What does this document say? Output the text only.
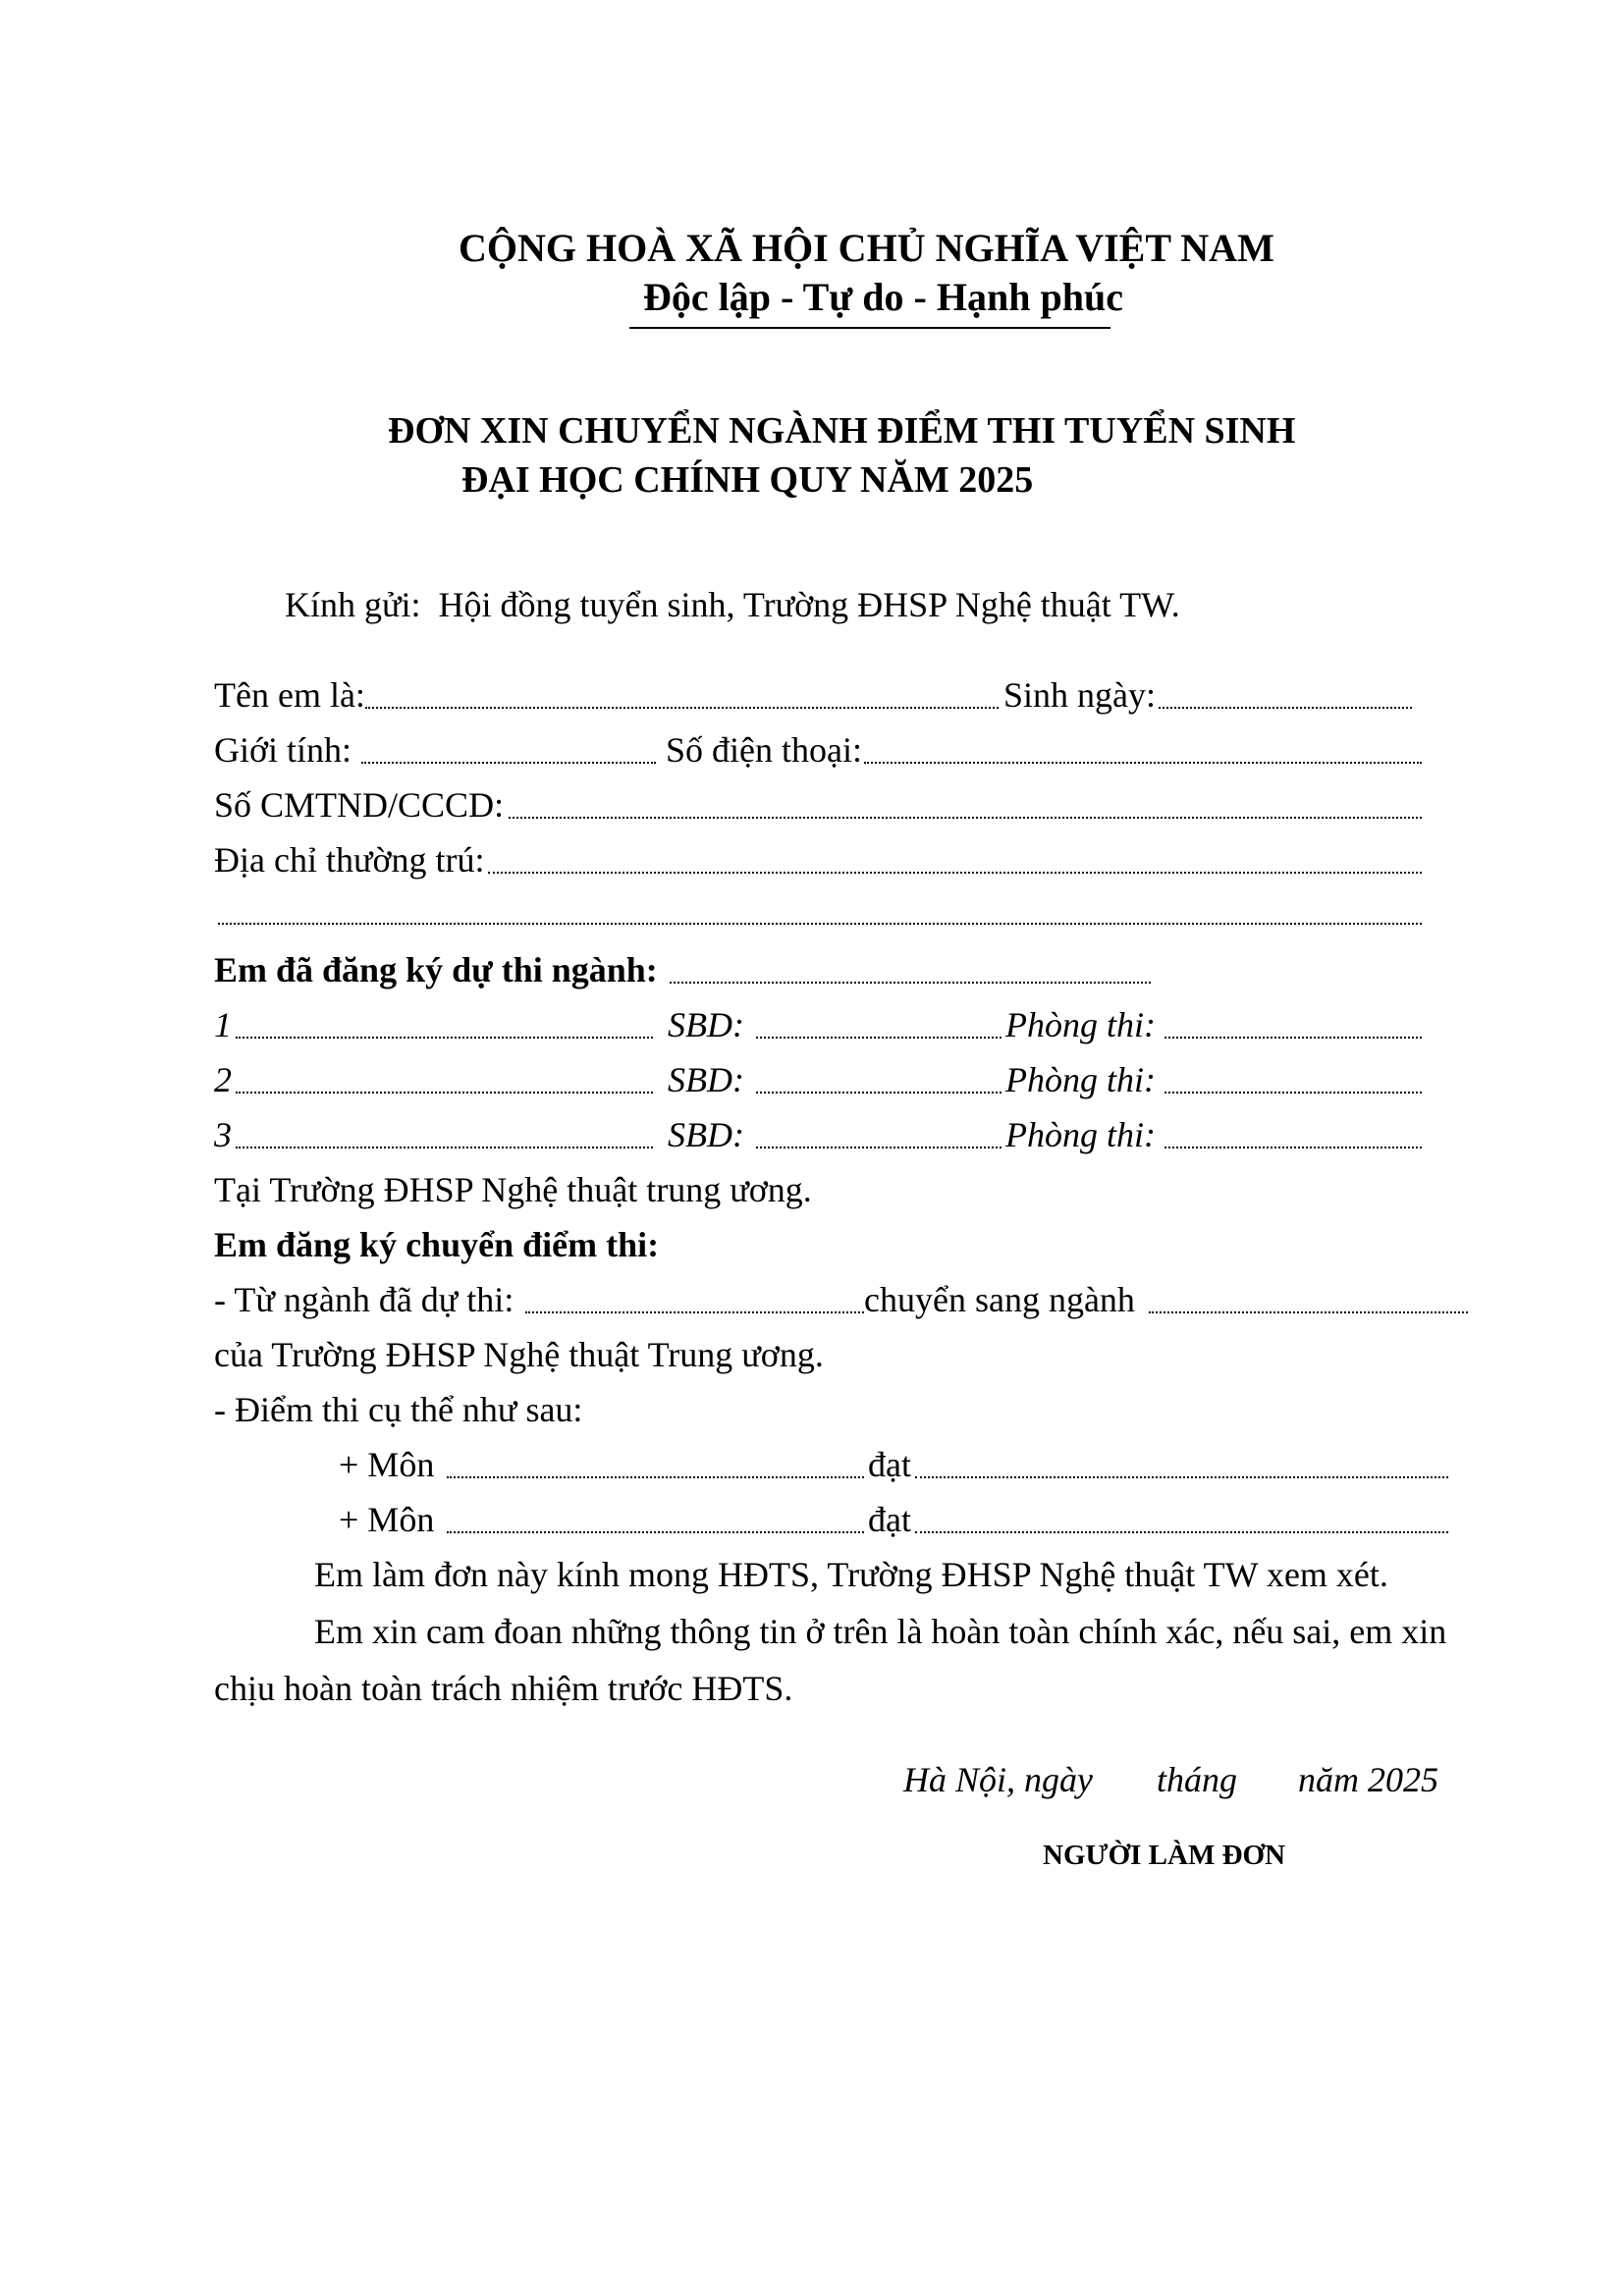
CỘNG HOÀ XÃ HỘI CHỦ NGHĨA VIỆT NAM
Độc lập - Tự do - Hạnh phúc
ĐƠN XIN CHUYỂN NGÀNH ĐIỂM THI TUYỂN SINH
ĐẠI HỌC CHÍNH QUY NĂM 2025
Kính gửi: Hội đồng tuyển sinh, Trường ĐHSP Nghệ thuật TW.
Tên em là:	Sinh ngày:
Giới tính:	Số điện thoại:
Số CMTND/CCCD:
Địa chỉ thường trú:
Em đã đăng ký dự thi ngành:
1	SBD:	Phòng thi:
2	SBD:	Phòng thi:
3	SBD:	Phòng thi:
Tại Trường ĐHSP Nghệ thuật trung ương.
Em đăng ký chuyển điểm thi:
- Từ ngành đã dự thi:	chuyển sang ngành
của Trường ĐHSP Nghệ thuật Trung ương.
- Điểm thi cụ thể như sau:
+ Môn	đạt
+ Môn	đạt
Em làm đơn này kính mong HĐTS, Trường ĐHSP Nghệ thuật TW xem xét.
Em xin cam đoan những thông tin ở trên là hoàn toàn chính xác, nếu sai, em xin
chịu hoàn toàn trách nhiệm trước HĐTS.
Hà Nội, ngày tháng năm 2025
NGƯỜI LÀM ĐƠN
